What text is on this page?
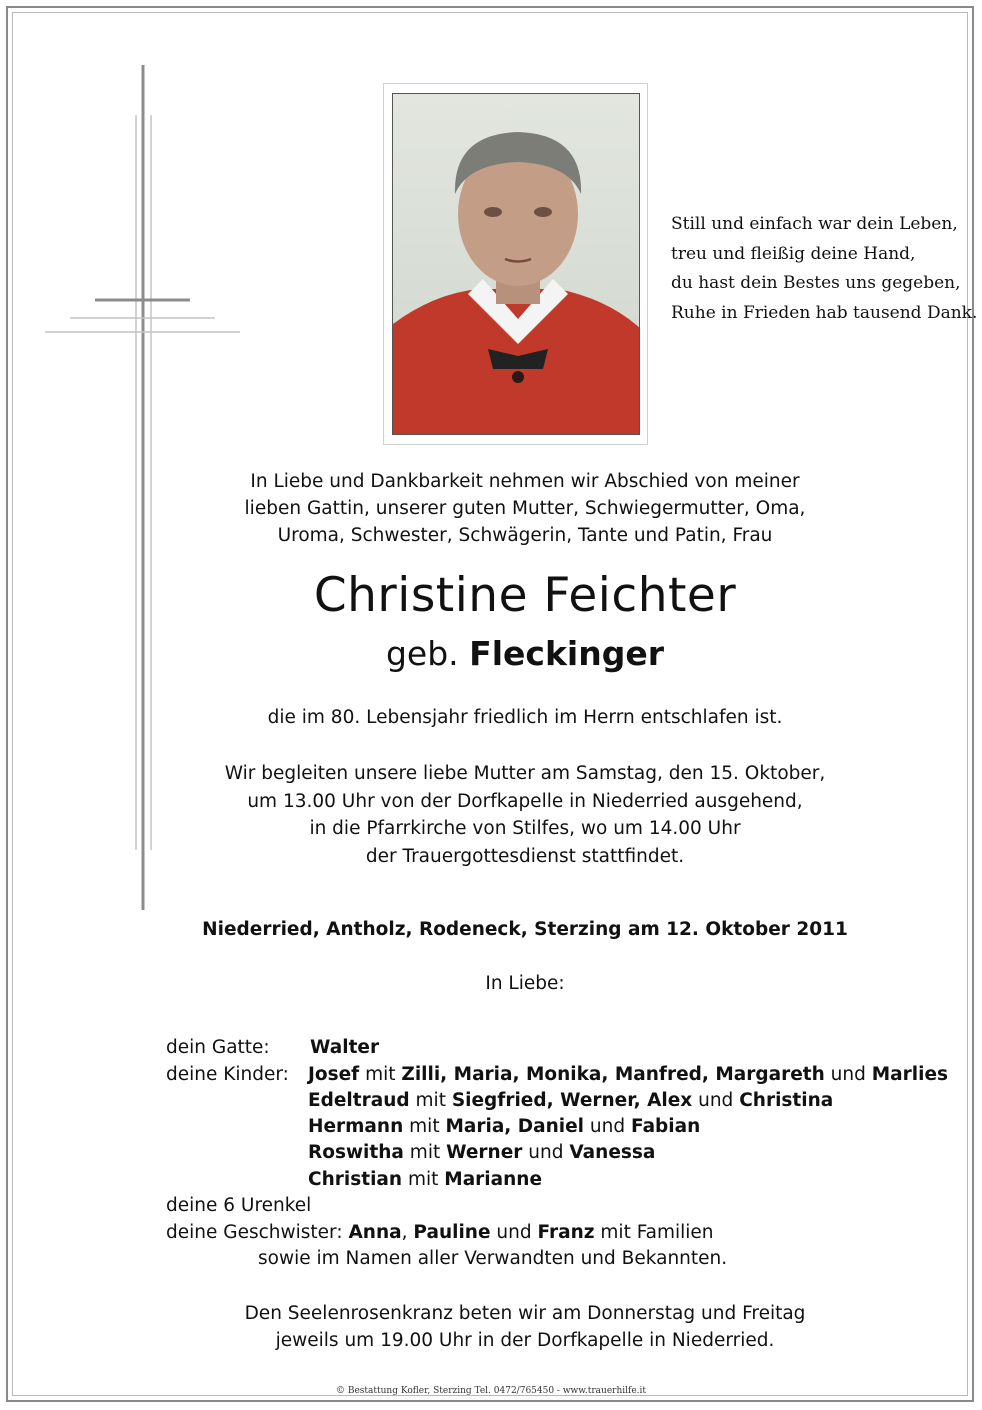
Still und einfach war dein Leben,
treu und fleißig deine Hand,
du hast dein Bestes uns gegeben,
Ruhe in Frieden hab tausend Dank.
In Liebe und Dankbarkeit nehmen wir Abschied von meiner
lieben Gattin, unserer guten Mutter, Schwiegermutter, Oma,
Uroma, Schwester, Schwägerin, Tante und Patin, Frau
Christine Feichter
geb. Fleckinger
die im 80. Lebensjahr friedlich im Herrn entschlafen ist.
Wir begleiten unsere liebe Mutter am Samstag, den 15. Oktober,
um 13.00 Uhr von der Dorfkapelle in Niederried ausgehend,
in die Pfarrkirche von Stilfes, wo um 14.00 Uhr
der Trauergottesdienst stattfindet.
Niederried, Antholz, Rodeneck, Sterzing am 12. Oktober 2011
In Liebe:
dein Gatte: Walter
deine Kinder: Josef mit Zilli, Maria, Monika, Manfred, Margareth und Marlies
Edeltraud mit Siegfried, Werner, Alex und Christina
Hermann mit Maria, Daniel und Fabian
Roswitha mit Werner und Vanessa
Christian mit Marianne
deine 6 Urenkel
deine Geschwister: Anna, Pauline und Franz mit Familien
sowie im Namen aller Verwandten und Bekannten.
Den Seelenrosenkranz beten wir am Donnerstag und Freitag
jeweils um 19.00 Uhr in der Dorfkapelle in Niederried.
© Bestattung Kofler, Sterzing Tel. 0472/765450 - www.trauerhilfe.it
